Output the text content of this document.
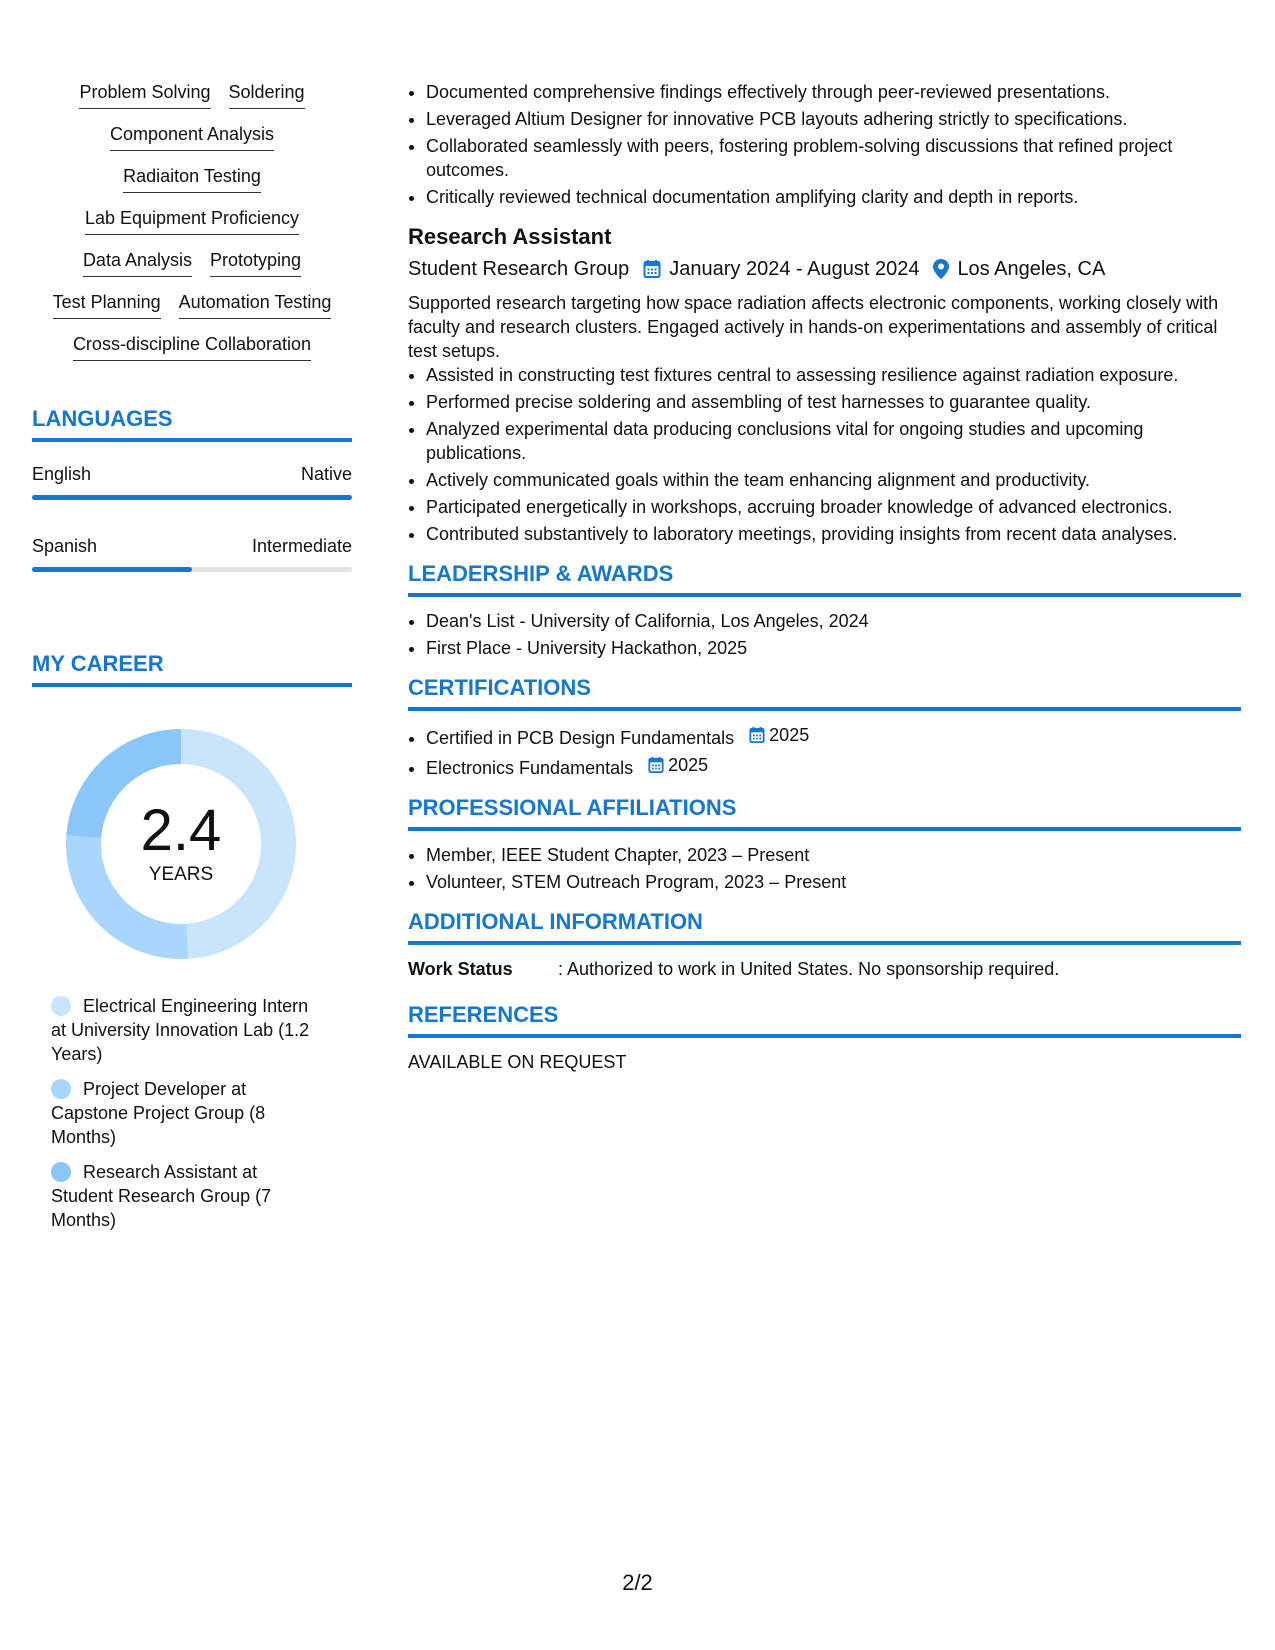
Problem Solving Soldering
Component Analysis
Radiaiton Testing
Lab Equipment Proficiency
Data Analysis Prototyping
Test Planning Automation Testing
Cross-discipline Collaboration
LANGUAGES
English	Native
Spanish	Intermediate
MY CAREER
2.4
YEARS
Electrical Engineering Intern at University Innovation Lab (1.2 Years)
Project Developer at Capstone Project Group (8 Months)
Research Assistant at Student Research Group (7 Months)
• Documented comprehensive findings effectively through peer-reviewed presentations.
• Leveraged Altium Designer for innovative PCB layouts adhering strictly to specifications.
• Collaborated seamlessly with peers, fostering problem-solving discussions that refined project outcomes.
• Critically reviewed technical documentation amplifying clarity and depth in reports.
Research Assistant
Student Research Group January 2024 - August 2024 Los Angeles, CA
Supported research targeting how space radiation affects electronic components, working closely with faculty and research clusters. Engaged actively in hands-on experimentations and assembly of critical test setups.
• Assisted in constructing test fixtures central to assessing resilience against radiation exposure.
• Performed precise soldering and assembling of test harnesses to guarantee quality.
• Analyzed experimental data producing conclusions vital for ongoing studies and upcoming publications.
• Actively communicated goals within the team enhancing alignment and productivity.
• Participated energetically in workshops, accruing broader knowledge of advanced electronics.
• Contributed substantively to laboratory meetings, providing insights from recent data analyses.
LEADERSHIP & AWARDS
• Dean's List - University of California, Los Angeles, 2024
• First Place - University Hackathon, 2025
CERTIFICATIONS
• Certified in PCB Design Fundamentals 2025
• Electronics Fundamentals 2025
PROFESSIONAL AFFILIATIONS
• Member, IEEE Student Chapter, 2023 – Present
• Volunteer, STEM Outreach Program, 2023 – Present
ADDITIONAL INFORMATION
Work Status	: Authorized to work in United States. No sponsorship required.
REFERENCES
AVAILABLE ON REQUEST
2/2
